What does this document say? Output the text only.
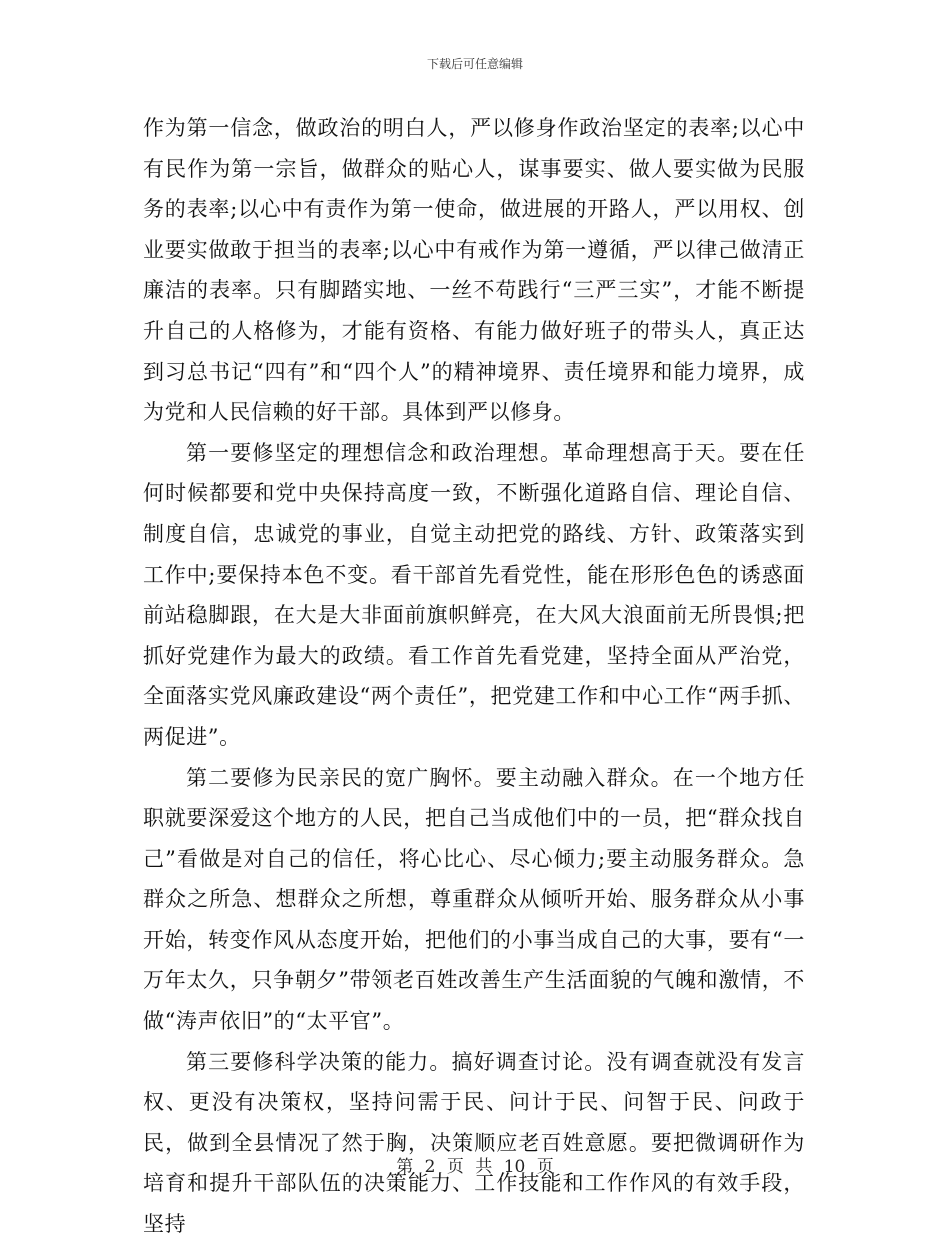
下载后可任意编辑

作为第一信念，做政治的明白人，严以修身作政治坚定的表率;以心中有民作为第一宗旨，做群众的贴心人，谋事要实、做人要实做为民服务的表率;以心中有责作为第一使命，做进展的开路人，严以用权、创业要实做敢于担当的表率;以心中有戒作为第一遵循，严以律己做清正廉洁的表率。只有脚踏实地、一丝不苟践行“三严三实”，才能不断提升自己的人格修为，才能有资格、有能力做好班子的带头人，真正达到习总书记“四有”和“四个人”的精神境界、责任境界和能力境界，成为党和人民信赖的好干部。具体到严以修身。

第一要修坚定的理想信念和政治理想。革命理想高于天。要在任何时候都要和党中央保持高度一致，不断强化道路自信、理论自信、制度自信，忠诚党的事业，自觉主动把党的路线、方针、政策落实到工作中;要保持本色不变。看干部首先看党性，能在形形色色的诱惑面前站稳脚跟，在大是大非面前旗帜鲜亮，在大风大浪面前无所畏惧;把抓好党建作为最大的政绩。看工作首先看党建，坚持全面从严治党，全面落实党风廉政建设“两个责任”，把党建工作和中心工作“两手抓、两促进”。

第二要修为民亲民的宽广胸怀。要主动融入群众。在一个地方任职就要深爱这个地方的人民，把自己当成他们中的一员，把“群众找自己”看做是对自己的信任，将心比心、尽心倾力;要主动服务群众。急群众之所急、想群众之所想，尊重群众从倾听开始、服务群众从小事开始，转变作风从态度开始，把他们的小事当成自己的大事，要有“一万年太久，只争朝夕”带领老百姓改善生产生活面貌的气魄和激情，不做“涛声依旧”的“太平官”。

第三要修科学决策的能力。搞好调查讨论。没有调查就没有发言权、更没有决策权，坚持问需于民、问计于民、问智于民、问政于民，做到全县情况了然于胸，决策顺应老百姓意愿。要把微调研作为培育和提升干部队伍的决策能力、工作技能和工作作风的有效手段，坚持

第 2 页 共 10 页
